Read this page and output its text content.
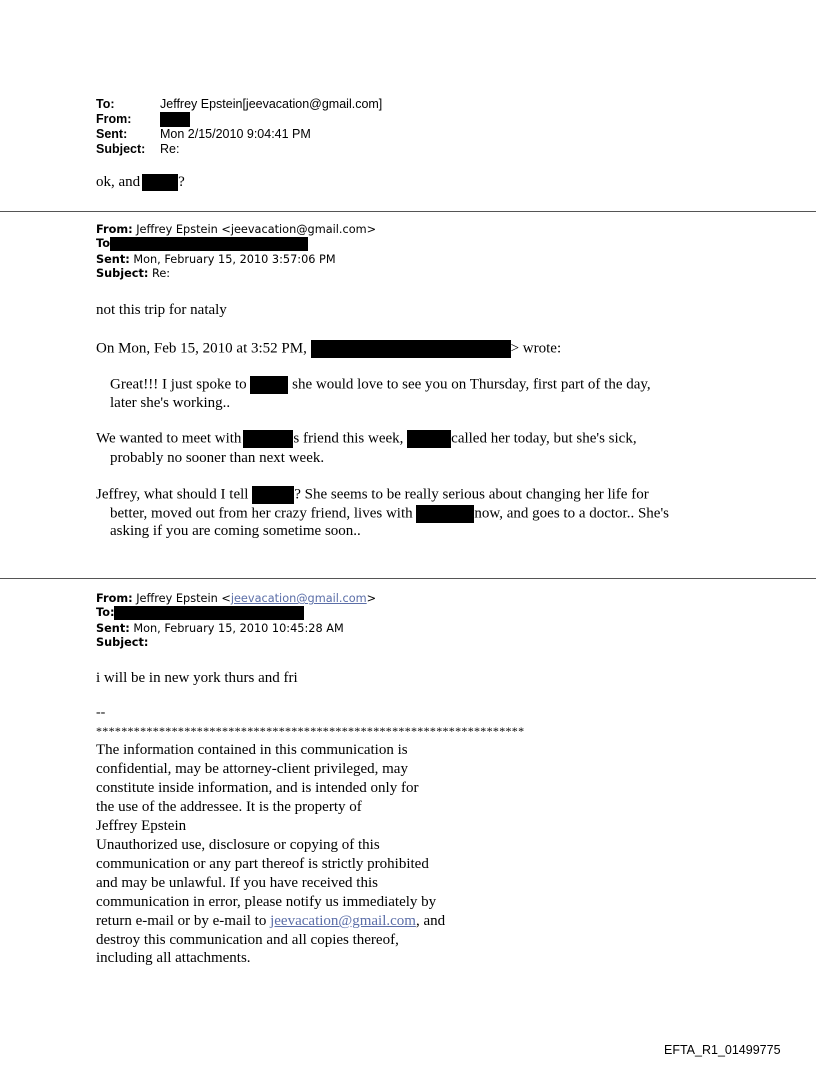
To:	Jeffrey Epstein[jeevacation@gmail.com]
From:
Sent:	Mon 2/15/2010 9:04:41 PM
Subject: Re:
ok, and	?
From: Jeffrey Epstein <jeevacation@gmail.com>
To
Sent: Mon, February 15, 2010 3:57:06 PM
Subject: Re:
not this trip for nataly
On Mon, Feb 15, 2010 at 3:52 PM,	> wrote:
Great!!! I just spoke to	she would love to see you on Thursday, first part of the day,
later she's working..
We wanted to meet with	s friend this week,	called her today, but she's sick,
probably no sooner than next week.
Jeffrey, what should I tell	? She seems to be really serious about changing her life for
better, moved out from her crazy friend, lives with	now, and goes to a doctor.. She's
asking if you are coming sometime soon..
From: Jeffrey Epstein <jeevacation@gmail.com>
To:
Sent: Mon, February 15, 2010 10:45:28 AM
Subject:
i will be in new york thurs and fri
--
********************************************************************
The information contained in this communication is
confidential, may be attorney-client privileged, may
constitute inside information, and is intended only for
the use of the addressee. It is the property of
Jeffrey Epstein
Unauthorized use, disclosure or copying of this
communication or any part thereof is strictly prohibited
and may be unlawful. If you have received this
communication in error, please notify us immediately by
return e-mail or by e-mail to jeevacation@gmail.com, and
destroy this communication and all copies thereof,
including all attachments.
EFTA_R1_01499775
